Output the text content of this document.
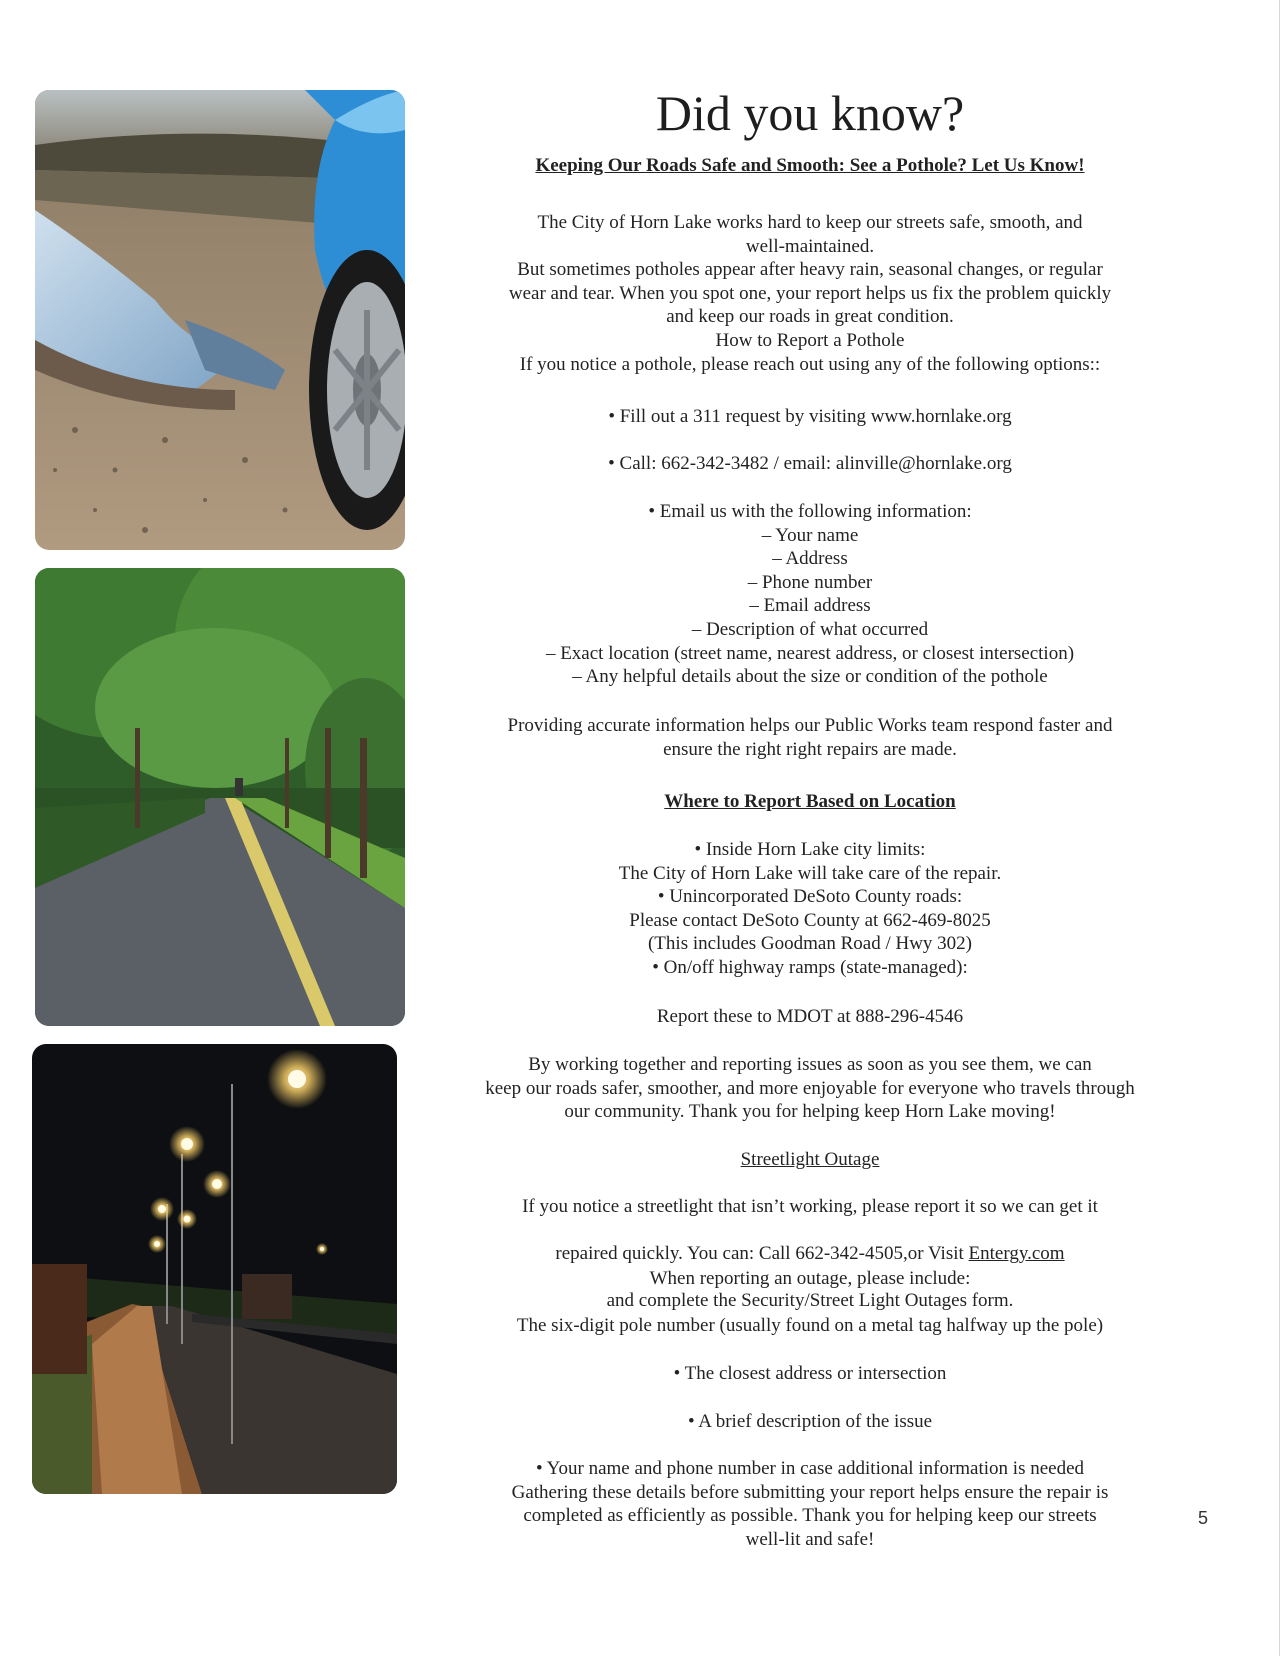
Did you know?
Keeping Our Roads Safe and Smooth: See a Pothole? Let Us Know!
The City of Horn Lake works hard to keep our streets safe, smooth, and
well-maintained.
But sometimes potholes appear after heavy rain, seasonal changes, or regular
wear and tear. When you spot one, your report helps us fix the problem quickly
and keep our roads in great condition.
How to Report a Pothole
If you notice a pothole, please reach out using any of the following options::
• Fill out a 311 request by visiting www.hornlake.org
• Call: 662-342-3482 / email: alinville@hornlake.org
• Email us with the following information:
– Your name
– Address
– Phone number
– Email address
– Description of what occurred
– Exact location (street name, nearest address, or closest intersection)
– Any helpful details about the size or condition of the pothole
Providing accurate information helps our Public Works team respond faster and
ensure the right right repairs are made.
Where to Report Based on Location
• Inside Horn Lake city limits:
The City of Horn Lake will take care of the repair.
• Unincorporated DeSoto County roads:
Please contact DeSoto County at 662-469-8025
(This includes Goodman Road / Hwy 302)
• On/off highway ramps (state-managed):
Report these to MDOT at 888-296-4546
By working together and reporting issues as soon as you see them, we can
keep our roads safer, smoother, and more enjoyable for everyone who travels through
our community. Thank you for helping keep Horn Lake moving!
Streetlight Outage

If you notice a streetlight that isn’t working, please report it so we can get it

repaired quickly. You can: Call 662-342-4505,or Visit Entergy.com

and complete the Security/Street Light Outages form.

When reporting an outage, please include:
The six-digit pole number (usually found on a metal tag halfway up the pole)
• The closest address or intersection
• A brief description of the issue
• Your name and phone number in case additional information is needed
Gathering these details before submitting your report helps ensure the repair is
completed as efficiently as possible. Thank you for helping keep our streets
well-lit and safe!
5
